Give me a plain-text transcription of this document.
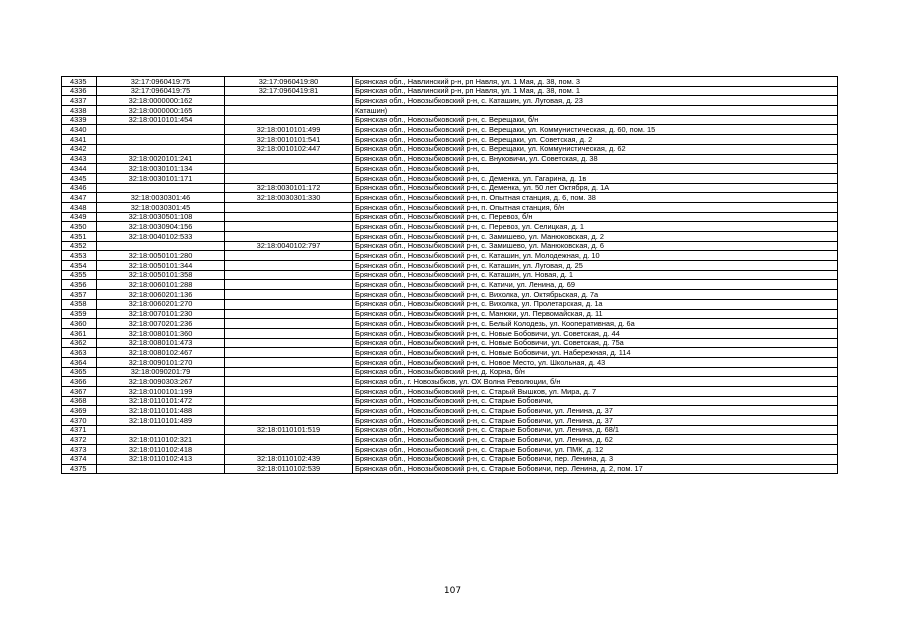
4335	32:17:0960419:75	32:17:0960419:80	Брянская обл., Навлинский р-н, рп Навля, ул. 1 Мая, д. 38, пом. 3
4336	32:17:0960419:75	32:17:0960419:81	Брянская обл., Навлинский р-н, рп Навля, ул. 1 Мая, д. 38, пом. 1
4337	32:18:0000000:162		Брянская обл., Новозыбковский р-н, с. Каташин, ул. Луговая, д. 23
4338	32:18:0000000:165		Каташин)
4339	32:18:0010101:454		Брянская обл., Новозыбковский р-н, с. Верещаки, б/н
4340		32:18:0010101:499	Брянская обл., Новозыбковский р-н, с. Верещаки, ул. Коммунистическая, д. 60, пом. 15
4341		32:18:0010101:541	Брянская обл., Новозыбковский р-н, с. Верещаки, ул. Советская, д. 2
4342		32:18:0010102:447	Брянская обл., Новозыбковский р-н, с. Верещаки, ул. Коммунистическая, д. 62
4343	32:18:0020101:241		Брянская обл., Новозыбковский р-н, с. Внуковичи, ул. Советская, д. 38
4344	32:18:0030101:134		Брянская обл., Новозыбковский р-н,
4345	32:18:0030101:171		Брянская обл., Новозыбковский р-н, с. Деменка, ул. Гагарина, д. 1в
4346		32:18:0030101:172	Брянская обл., Новозыбковский р-н, с. Деменка, ул. 50 лет Октября, д. 1А
4347	32:18:0030301:46	32:18:0030301:330	Брянская обл., Новозыбковский р-н, п. Опытная станция, д. 6, пом. 38
4348	32:18:0030301:45		Брянская обл., Новозыбковский р-н, п. Опытная станция, б/н
4349	32:18:0030501:108		Брянская обл., Новозыбковский р-н, с. Перевоз, б/н
4350	32:18:0030904:156		Брянская обл., Новозыбковский р-н, с. Перевоз, ул. Селицкая, д. 1
4351	32:18:0040102:533		Брянская обл., Новозыбковский р-н, с. Замишево, ул. Манюковская, д. 2
4352		32:18:0040102:797	Брянская обл., Новозыбковский р-н, с. Замишево, ул. Манюковская, д. 6
4353	32:18:0050101:280		Брянская обл., Новозыбковский р-н, с. Каташин, ул. Молодежная, д. 10
4354	32:18:0050101:344		Брянская обл., Новозыбковский р-н, с. Каташин, ул. Луговая, д. 25
4355	32:18:0050101:358		Брянская обл., Новозыбковский р-н, с. Каташин, ул. Новая, д. 1
4356	32:18:0060101:288		Брянская обл., Новозыбковский р-н, с. Катичи, ул. Ленина, д. 69
4357	32:18:0060201:136		Брянская обл., Новозыбковский р-н, с. Вихолка, ул. Октябрьская, д. 7а
4358	32:18:0060201:270		Брянская обл., Новозыбковский р-н, с. Вихолка, ул. Пролетарская, д. 1а
4359	32:18:0070101:230		Брянская обл., Новозыбковский р-н, с. Манюки, ул. Первомайская, д. 11
4360	32:18:0070201:236		Брянская обл., Новозыбковский р-н, с. Белый Колодезь, ул. Кооперативная, д. 6а
4361	32:18:0080101:360		Брянская обл., Новозыбковский р-н, с. Новые Бобовичи, ул. Советская, д. 44
4362	32:18:0080101:473		Брянская обл., Новозыбковский р-н, с. Новые Бобовичи, ул. Советская, д. 75а
4363	32:18:0080102:467		Брянская обл., Новозыбковский р-н, с. Новые Бобовичи, ул. Набережная, д. 114
4364	32:18:0090101:270		Брянская обл., Новозыбковский р-н, с. Новое Место, ул. Школьная, д. 43
4365	32:18:0090201:79		Брянская обл., Новозыбковский р-н, д. Корна, б/н
4366	32:18:0090303:267		Брянская обл., г. Новозыбков, ул. ОХ Волна Революции, б/н
4367	32:18:0100101:199		Брянская обл., Новозыбковский р-н, с. Старый Вышков, ул. Мира, д. 7
4368	32:18:0110101:472		Брянская обл., Новозыбковский р-н, с. Старые Бобовичи,
4369	32:18:0110101:488		Брянская обл., Новозыбковский р-н, с. Старые Бобовичи, ул. Ленина, д. 37
4370	32:18:0110101:489		Брянская обл., Новозыбковский р-н, с. Старые Бобовичи, ул. Ленина, д. 37
4371		32:18:0110101:519	Брянская обл., Новозыбковский р-н, с. Старые Бобовичи, ул. Ленина, д. 68/1
4372	32:18:0110102:321		Брянская обл., Новозыбковский р-н, с. Старые Бобовичи, ул. Ленина, д. 62
4373	32:18:0110102:418		Брянская обл., Новозыбковский р-н, с. Старые Бобовичи, ул. ПМК, д. 12
4374	32:18:0110102:413	32:18:0110102:439	Брянская обл., Новозыбковский р-н, с. Старые Бобовичи, пер. Ленина, д. 3
4375		32:18:0110102:539	Брянская обл., Новозыбковский р-н, с. Старые Бобовичи, пер. Ленина, д. 2, пом. 17
107
